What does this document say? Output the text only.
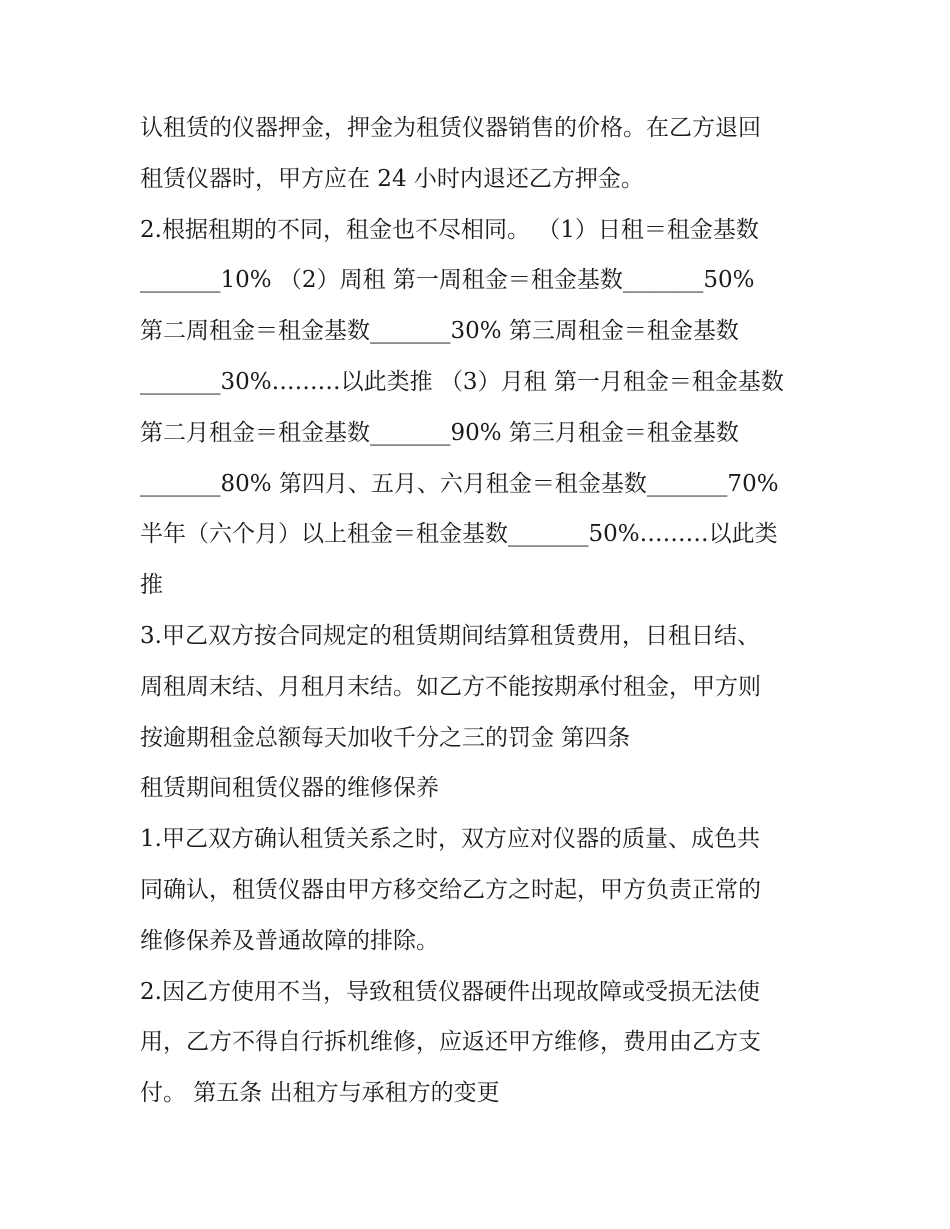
认租赁的仪器押金，押金为租赁仪器销售的价格。在乙方退回
租赁仪器时，甲方应在 24 小时内退还乙方押金。
2.根据租期的不同，租金也不尽相同。 （1）日租＝租金基数
_______10% （2）周租 第一周租金＝租金基数_______50%
第二周租金＝租金基数_______30% 第三周租金＝租金基数
_______30%………以此类推 （3）月租 第一月租金＝租金基数
第二月租金＝租金基数_______90% 第三月租金＝租金基数
_______80% 第四月、五月、六月租金＝租金基数_______70%
半年（六个月）以上租金＝租金基数_______50%………以此类
推
3.甲乙双方按合同规定的租赁期间结算租赁费用，日租日结、
周租周末结、月租月末结。如乙方不能按期承付租金，甲方则
按逾期租金总额每天加收千分之三的罚金 第四条
租赁期间租赁仪器的维修保养
1.甲乙双方确认租赁关系之时，双方应对仪器的质量、成色共
同确认，租赁仪器由甲方移交给乙方之时起，甲方负责正常的
维修保养及普通故障的排除。
2.因乙方使用不当，导致租赁仪器硬件出现故障或受损无法使
用，乙方不得自行拆机维修，应返还甲方维修，费用由乙方支
付。 第五条 出租方与承租方的变更
